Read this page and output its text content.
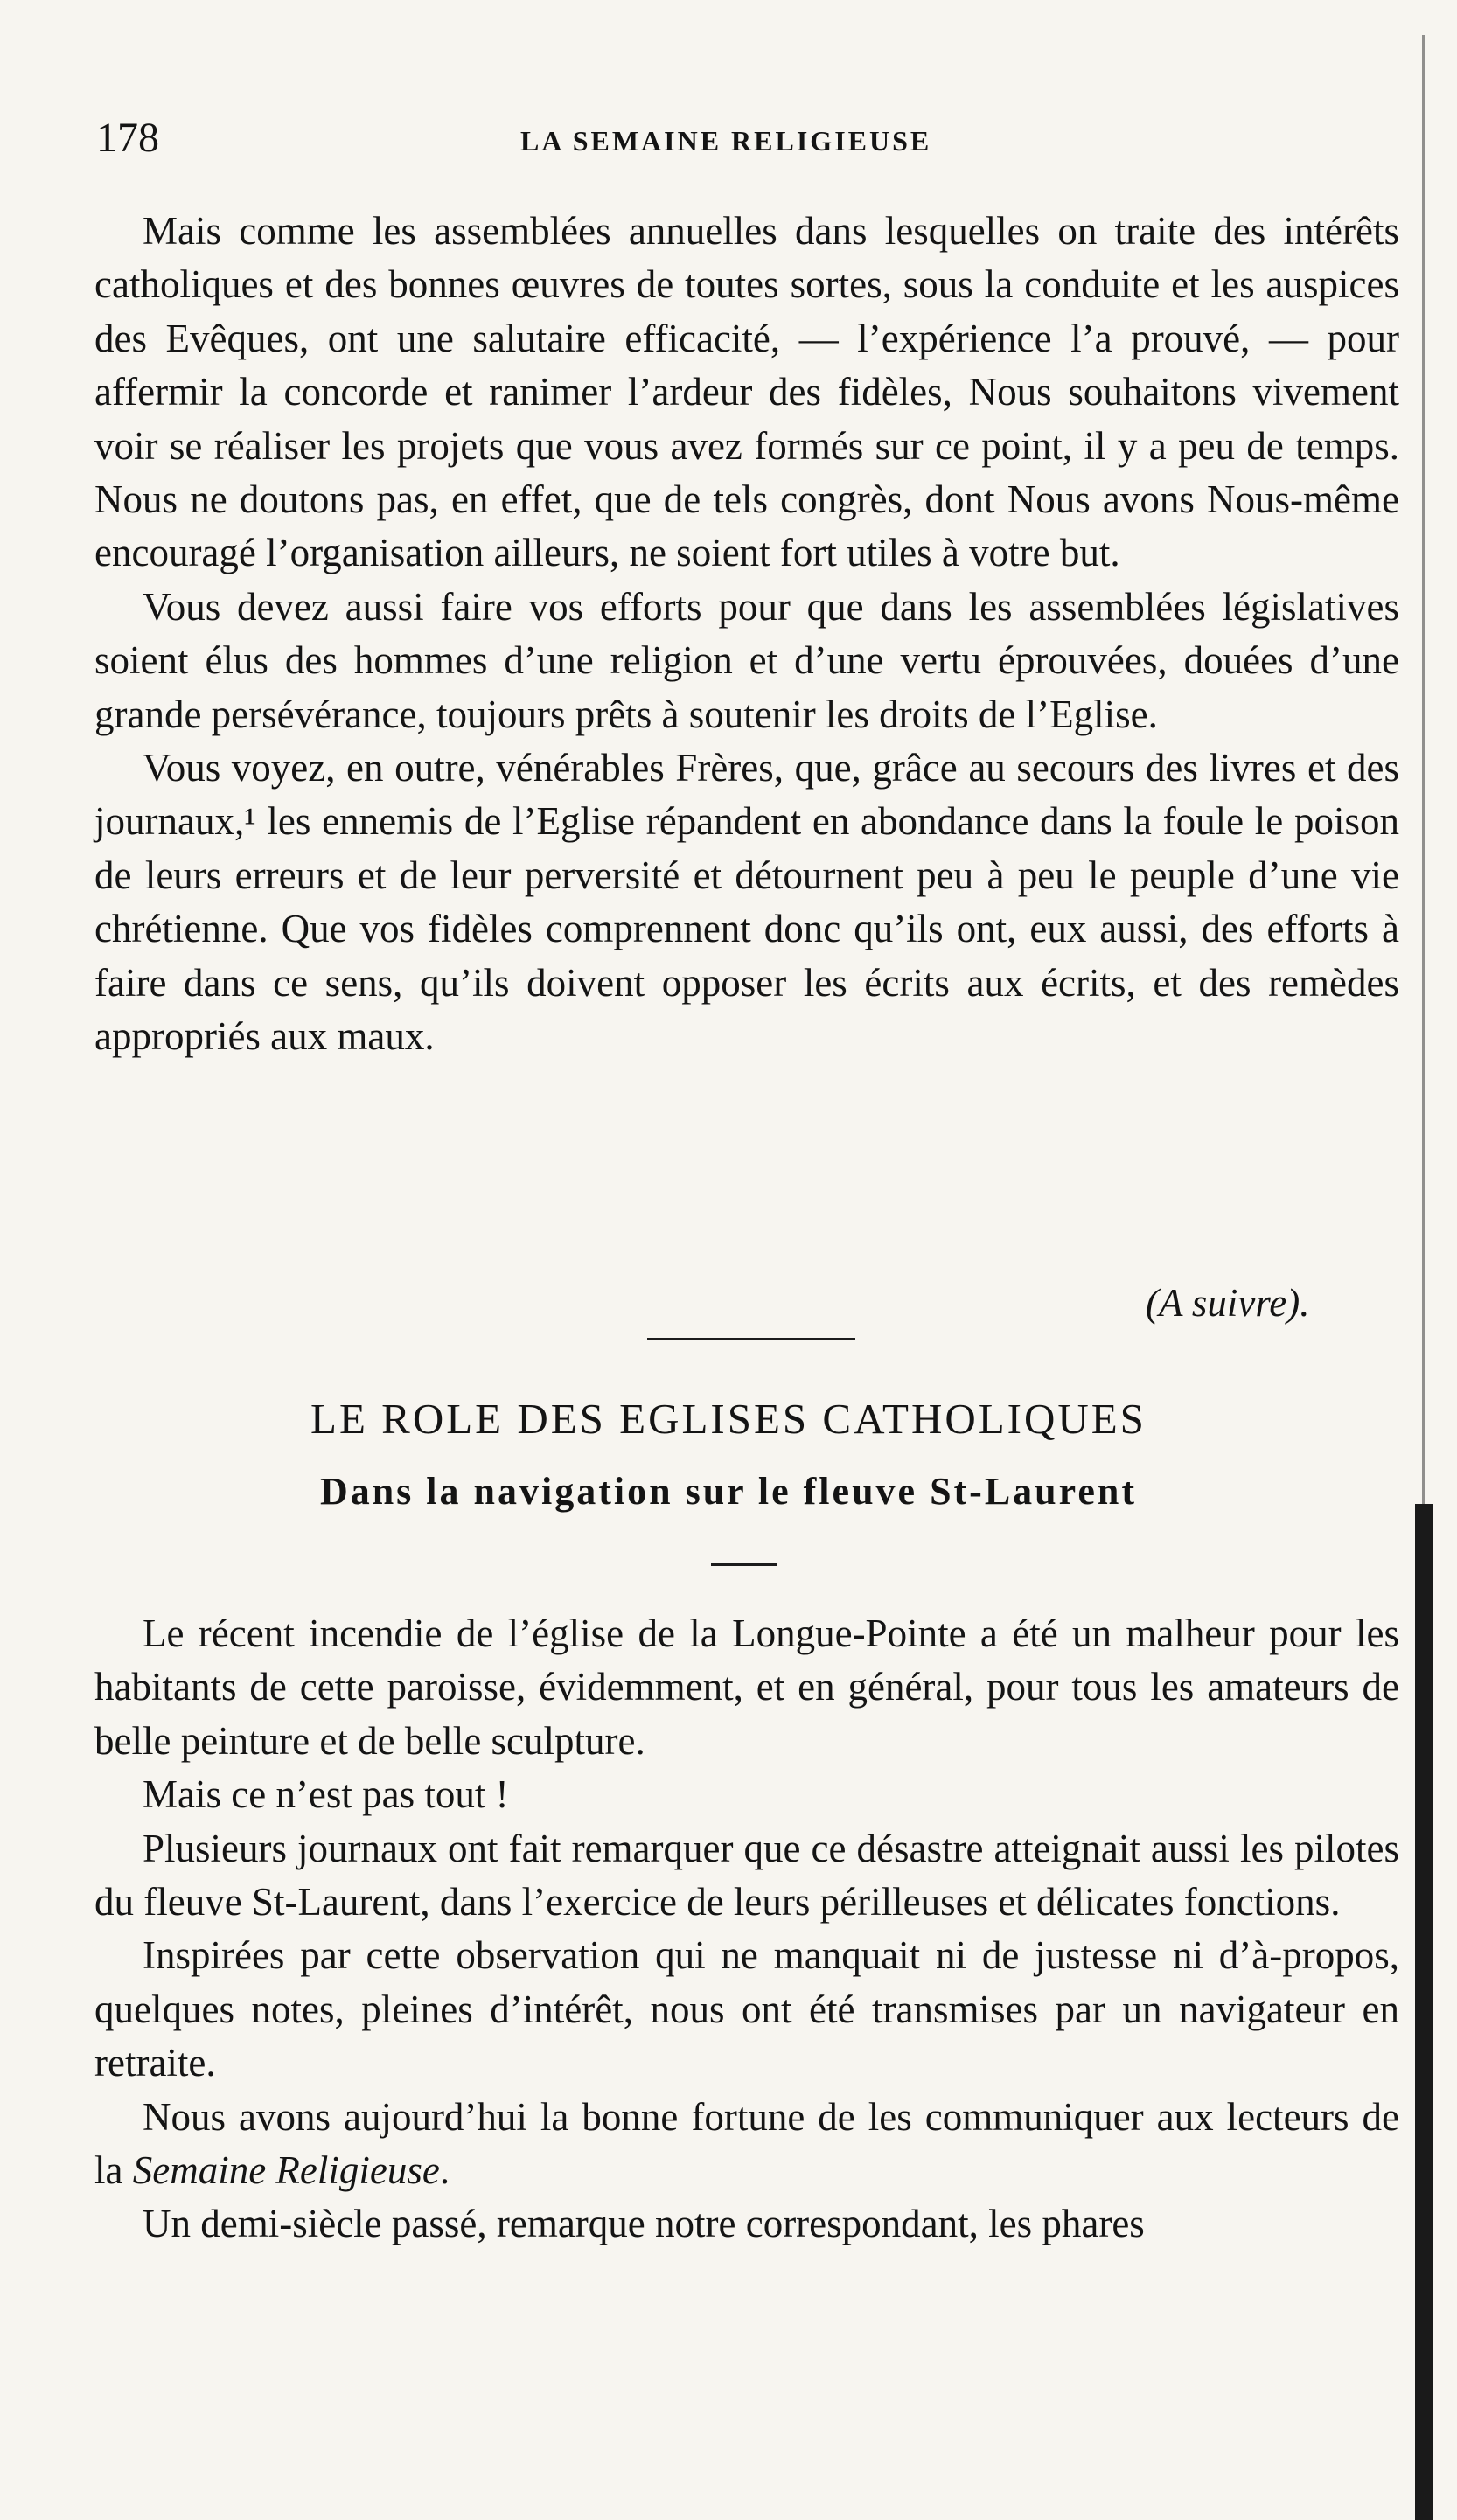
178	LA SEMAINE RELIGIEUSE

Mais comme les assemblées annuelles dans lesquelles on traite des intérêts catholiques et des bonnes œuvres de toutes sortes, sous la conduite et les auspices des Evêques, ont une salutaire efficacité, — l’expérience l’a prouvé, — pour affermir la concorde et ranimer l’ardeur des fidèles, Nous souhaitons vivement voir se réaliser les projets que vous avez formés sur ce point, il y a peu de temps. Nous ne doutons pas, en effet, que de tels congrès, dont Nous avons Nous-même encouragé l’organisation ailleurs, ne soient fort utiles à votre but.

Vous devez aussi faire vos efforts pour que dans les assemblées législatives soient élus des hommes d’une religion et d’une vertu éprouvées, douées d’une grande persévérance, toujours prêts à soutenir les droits de l’Eglise.

Vous voyez, en outre, vénérables Frères, que, grâce au secours des livres et des journaux,¹ les ennemis de l’Eglise répandent en abondance dans la foule le poison de leurs erreurs et de leur perversité et détournent peu à peu le peuple d’une vie chrétienne. Que vos fidèles comprennent donc qu’ils ont, eux aussi, des efforts à faire dans ce sens, qu’ils doivent opposer les écrits aux écrits, et des remèdes appropriés aux maux.

(A suivre).
LE ROLE DES EGLISES CATHOLIQUES
Dans la navigation sur le fleuve St-Laurent

Le récent incendie de l’église de la Longue-Pointe a été un malheur pour les habitants de cette paroisse, évidemment, et en général, pour tous les amateurs de belle peinture et de belle sculpture.

Mais ce n’est pas tout !

Plusieurs journaux ont fait remarquer que ce désastre atteignait aussi les pilotes du fleuve St-Laurent, dans l’exercice de leurs périlleuses et délicates fonctions.

Inspirées par cette observation qui ne manquait ni de justesse ni d’à-propos, quelques notes, pleines d’intérêt, nous ont été transmises par un navigateur en retraite.

Nous avons aujourd’hui la bonne fortune de les communiquer aux lecteurs de la Semaine Religieuse.

Un demi-siècle passé, remarque notre correspondant, les phares
